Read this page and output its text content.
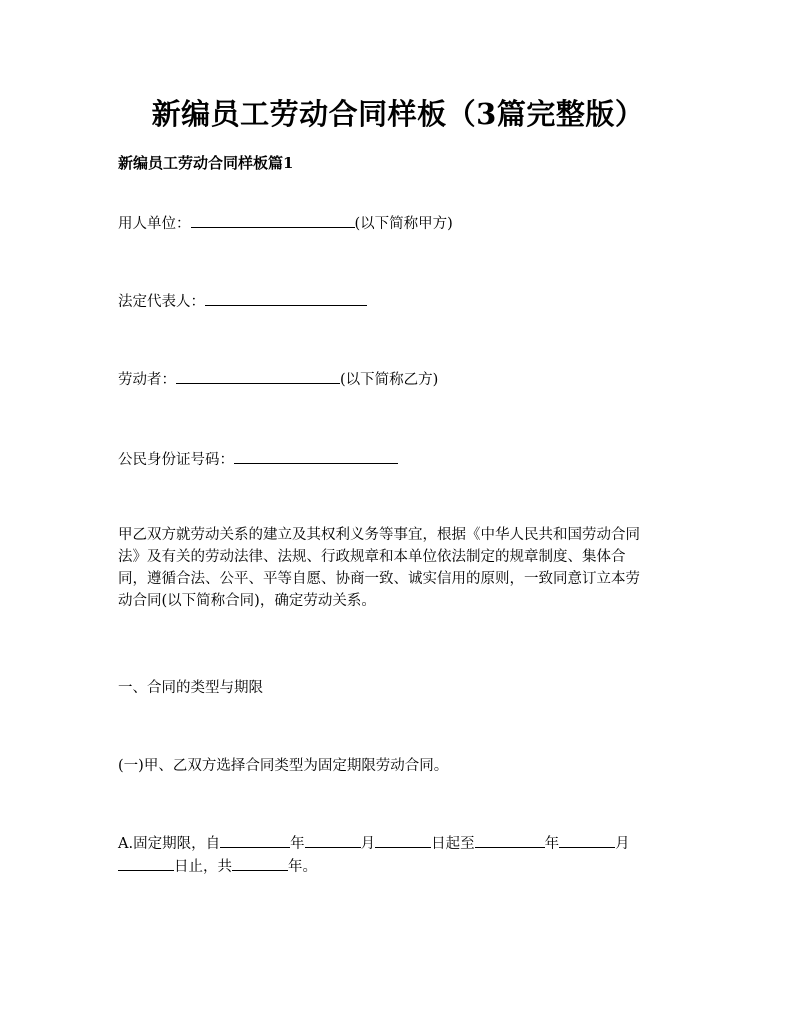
新编员工劳动合同样板（3篇完整版）
新编员工劳动合同样板篇1
用人单位：	(以下简称甲方)
法定代表人：
劳动者：	(以下简称乙方)
公民身份证号码：
甲乙双方就劳动关系的建立及其权利义务等事宜，根据《中华人民共和国劳动合同
法》及有关的劳动法律、法规、行政规章和本单位依法制定的规章制度、集体合
同，遵循合法、公平、平等自愿、协商一致、诚实信用的原则，一致同意订立本劳
动合同(以下简称合同)，确定劳动关系。
一、合同的类型与期限
(一)甲、乙双方选择合同类型为固定期限劳动合同。
A.固定期限，自	年	月	日起至	年	月
日止，共	年。
